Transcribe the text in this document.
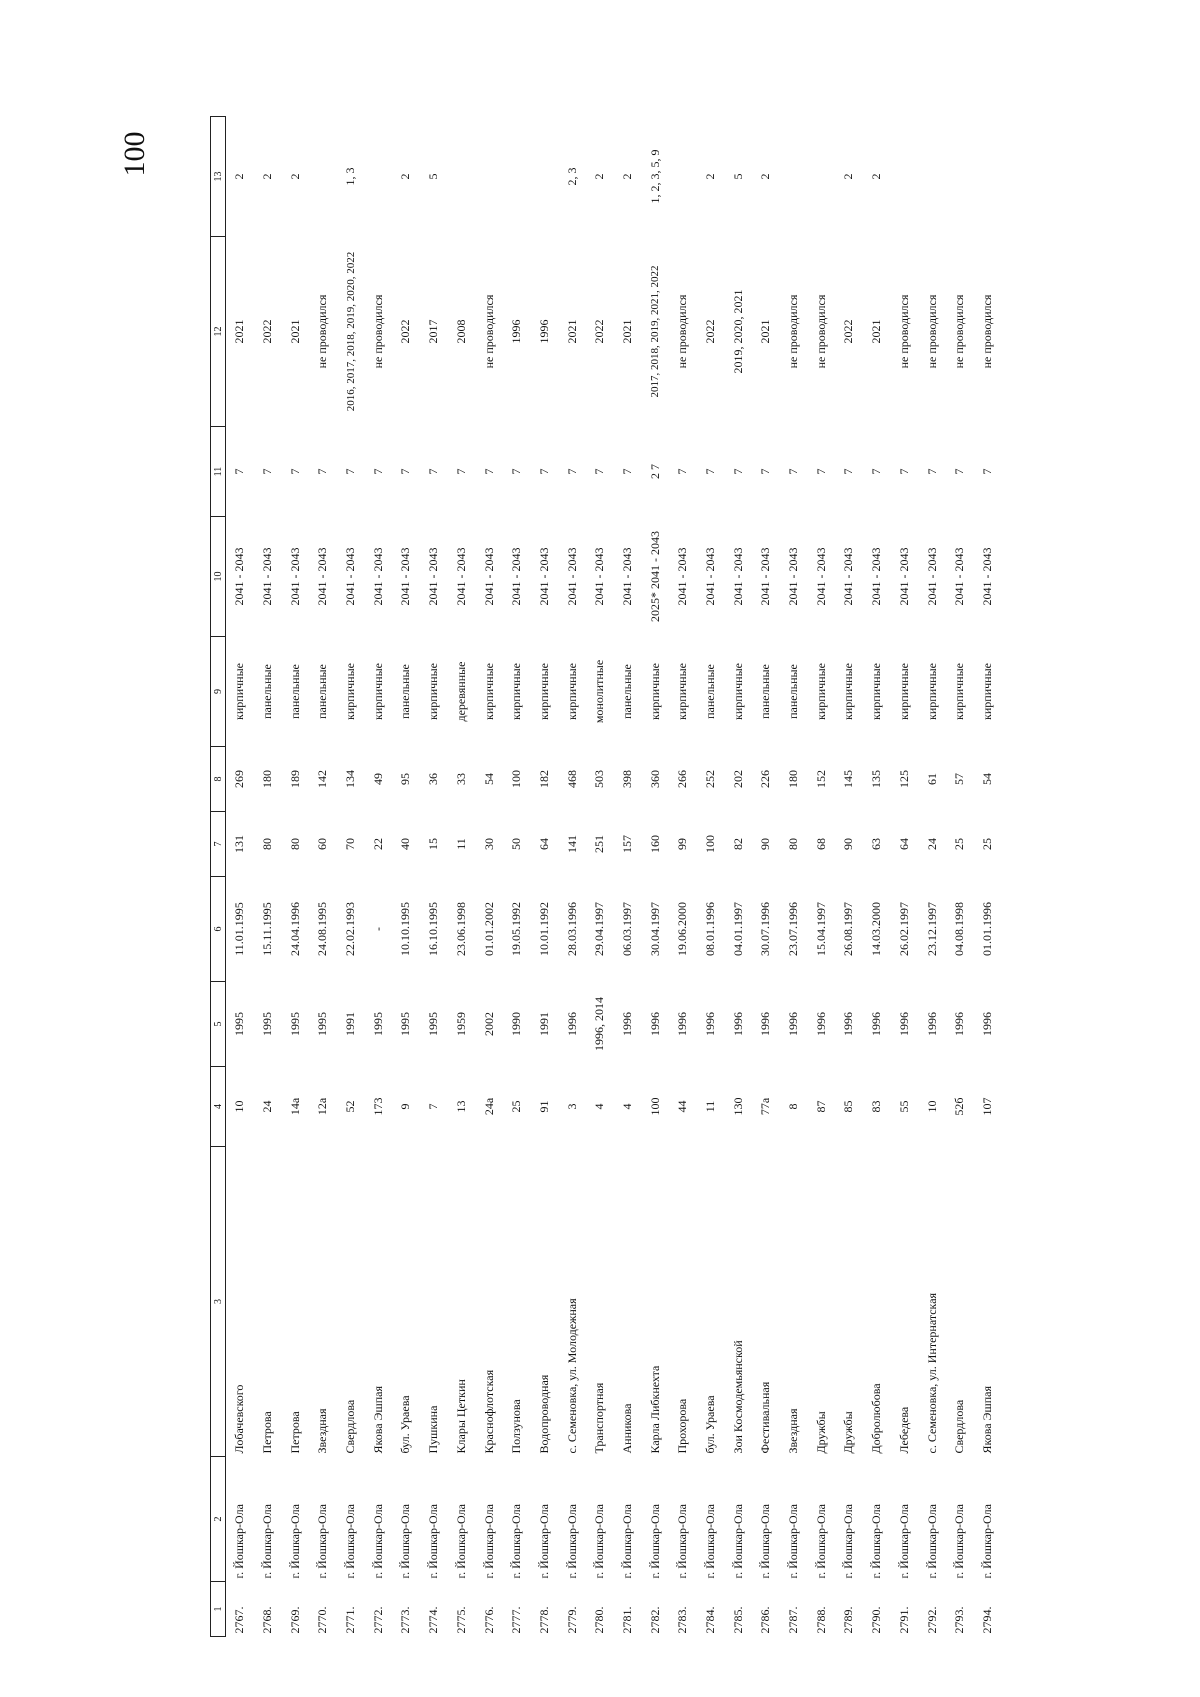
100
1	2	3	4	5	6	7	8	9	10	11	12	13
2767.	г. Йошкар-Ола	Лобачевского	10	1995	11.01.1995	131	269	кирпичные	2041 - 2043	7	2021	2
2768.	г. Йошкар-Ола	Петрова	24	1995	15.11.1995	80	180	панельные	2041 - 2043	7	2022	2
2769.	г. Йошкар-Ола	Петрова	14а	1995	24.04.1996	80	189	панельные	2041 - 2043	7	2021	2
2770.	г. Йошкар-Ола	Звездная	12а	1995	24.08.1995	60	142	панельные	2041 - 2043	7	не проводился	
2771.	г. Йошкар-Ола	Свердлова	52	1991	22.02.1993	70	134	кирпичные	2041 - 2043	7	2016, 2017, 2018, 2019, 2020, 2022	1, 3
2772.	г. Йошкар-Ола	Якова Эшпая	173	1995	-	22	49	кирпичные	2041 - 2043	7	не проводился	
2773.	г. Йошкар-Ола	бул. Ураева	9	1995	10.10.1995	40	95	панельные	2041 - 2043	7	2022	2
2774.	г. Йошкар-Ола	Пушкина	7	1995	16.10.1995	15	36	кирпичные	2041 - 2043	7	2017	5
2775.	г. Йошкар-Ола	Клары Цеткин	13	1959	23.06.1998	11	33	деревянные	2041 - 2043	7	2008	
2776.	г. Йошкар-Ола	Краснофлотская	24а	2002	01.01.2002	30	54	кирпичные	2041 - 2043	7	не проводился	
2777.	г. Йошкар-Ола	Ползунова	25	1990	19.05.1992	50	100	кирпичные	2041 - 2043	7	1996	
2778.	г. Йошкар-Ола	Водопроводная	91	1991	10.01.1992	64	182	кирпичные	2041 - 2043	7	1996	
2779.	г. Йошкар-Ола	с. Семеновка, ул. Молодежная	3	1996	28.03.1996	141	468	кирпичные	2041 - 2043	7	2021	2, 3
2780.	г. Йошкар-Ола	Транспортная	4	1996, 2014	29.04.1997	251	503	монолитные	2041 - 2043	7	2022	2
2781.	г. Йошкар-Ола	Анникова	4	1996	06.03.1997	157	398	панельные	2041 - 2043	7	2021	2
2782.	г. Йошкар-Ола	Карла Либкнехта	100	1996	30.04.1997	160	360	кирпичные	2025* 2041 - 2043	2 7	2017, 2018, 2019, 2021, 2022	1, 2, 3, 5, 9
2783.	г. Йошкар-Ола	Прохорова	44	1996	19.06.2000	99	266	кирпичные	2041 - 2043	7	не проводился	
2784.	г. Йошкар-Ола	бул. Ураева	11	1996	08.01.1996	100	252	панельные	2041 - 2043	7	2022	2
2785.	г. Йошкар-Ола	Зои Космодемьянской	130	1996	04.01.1997	82	202	кирпичные	2041 - 2043	7	2019, 2020, 2021	5
2786.	г. Йошкар-Ола	Фестивальная	77а	1996	30.07.1996	90	226	панельные	2041 - 2043	7	2021	2
2787.	г. Йошкар-Ола	Звездная	8	1996	23.07.1996	80	180	панельные	2041 - 2043	7	не проводился	
2788.	г. Йошкар-Ола	Дружбы	87	1996	15.04.1997	68	152	кирпичные	2041 - 2043	7	не проводился	
2789.	г. Йошкар-Ола	Дружбы	85	1996	26.08.1997	90	145	кирпичные	2041 - 2043	7	2022	2
2790.	г. Йошкар-Ола	Добролюбова	83	1996	14.03.2000	63	135	кирпичные	2041 - 2043	7	2021	2
2791.	г. Йошкар-Ола	Лебедева	55	1996	26.02.1997	64	125	кирпичные	2041 - 2043	7	не проводился	
2792.	г. Йошкар-Ола	с. Семеновка, ул. Интернатская	10	1996	23.12.1997	24	61	кирпичные	2041 - 2043	7	не проводился	
2793.	г. Йошкар-Ола	Свердлова	52б	1996	04.08.1998	25	57	кирпичные	2041 - 2043	7	не проводился	
2794.	г. Йошкар-Ола	Якова Эшпая	107	1996	01.01.1996	25	54	кирпичные	2041 - 2043	7	не проводился	
